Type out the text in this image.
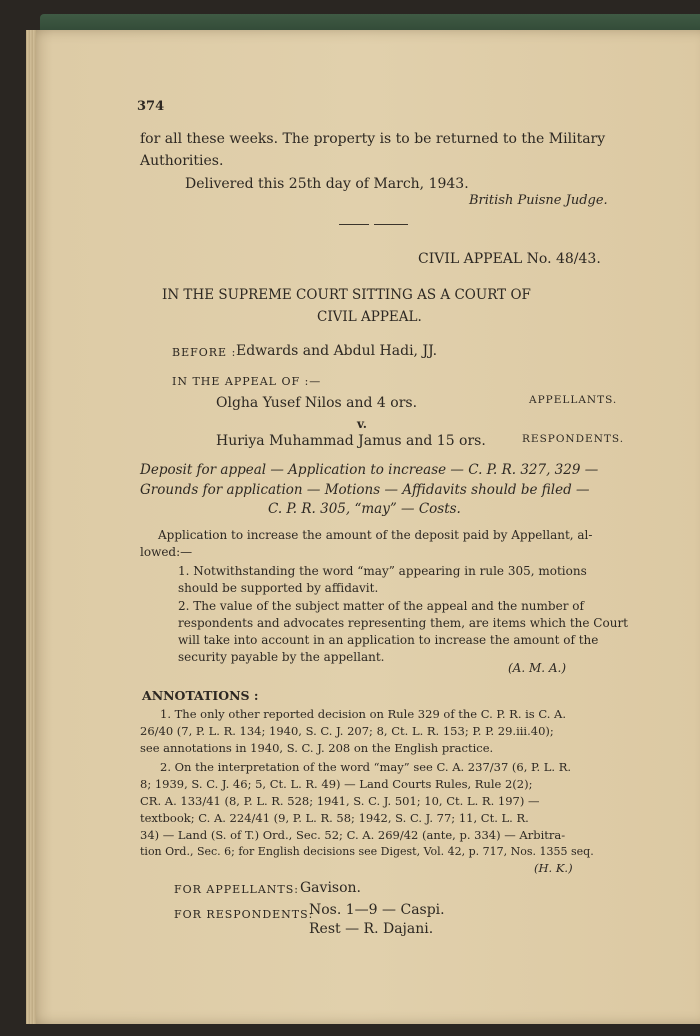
374
for all these weeks. The property is to be returned to the Military
Authorities.
Delivered this 25th day of March, 1943.
British Puisne Judge.
CIVIL APPEAL No. 48/43.
IN THE SUPREME COURT SITTING AS A COURT OF
CIVIL APPEAL.
BEFORE : Edwards and Abdul Hadi, JJ.
IN THE APPEAL OF :—
Olgha Yusef Nilos and 4 ors.	APPELLANTS.
v.
Huriya Muhammad Jamus and 15 ors.	RESPONDENTS.
Deposit for appeal — Application to increase — C. P. R. 327, 329 —
Grounds for application — Motions — Affidavits should be filed —
C. P. R. 305, “may” — Costs.
Application to increase the amount of the deposit paid by Appellant, al-
lowed:—
1. Notwithstanding the word “may” appearing in rule 305, motions
should be supported by affidavit.
2. The value of the subject matter of the appeal and the number of
respondents and advocates representing them, are items which the Court
will take into account in an application to increase the amount of the
security payable by the appellant.
(A. M. A.)
ANNOTATIONS :
1. The only other reported decision on Rule 329 of the C. P. R. is C. A.
26/40 (7, P. L. R. 134; 1940, S. C. J. 207; 8, Ct. L. R. 153; P. P. 29.iii.40);
see annotations in 1940, S. C. J. 208 on the English practice.
2. On the interpretation of the word “may” see C. A. 237/37 (6, P. L. R.
8; 1939, S. C. J. 46; 5, Ct. L. R. 49) — Land Courts Rules, Rule 2(2);
CR. A. 133/41 (8, P. L. R. 528; 1941, S. C. J. 501; 10, Ct. L. R. 197) —
textbook; C. A. 224/41 (9, P. L. R. 58; 1942, S. C. J. 77; 11, Ct. L. R.
34) — Land (S. of T.) Ord., Sec. 52; C. A. 269/42 (ante, p. 334) — Arbitra-
tion Ord., Sec. 6; for English decisions see Digest, Vol. 42, p. 717, Nos. 1355 seq.
(H. K.)
FOR APPELLANTS: Gavison.
FOR RESPONDENTS:
Nos. 1—9 — Caspi.
Rest — R. Dajani.
